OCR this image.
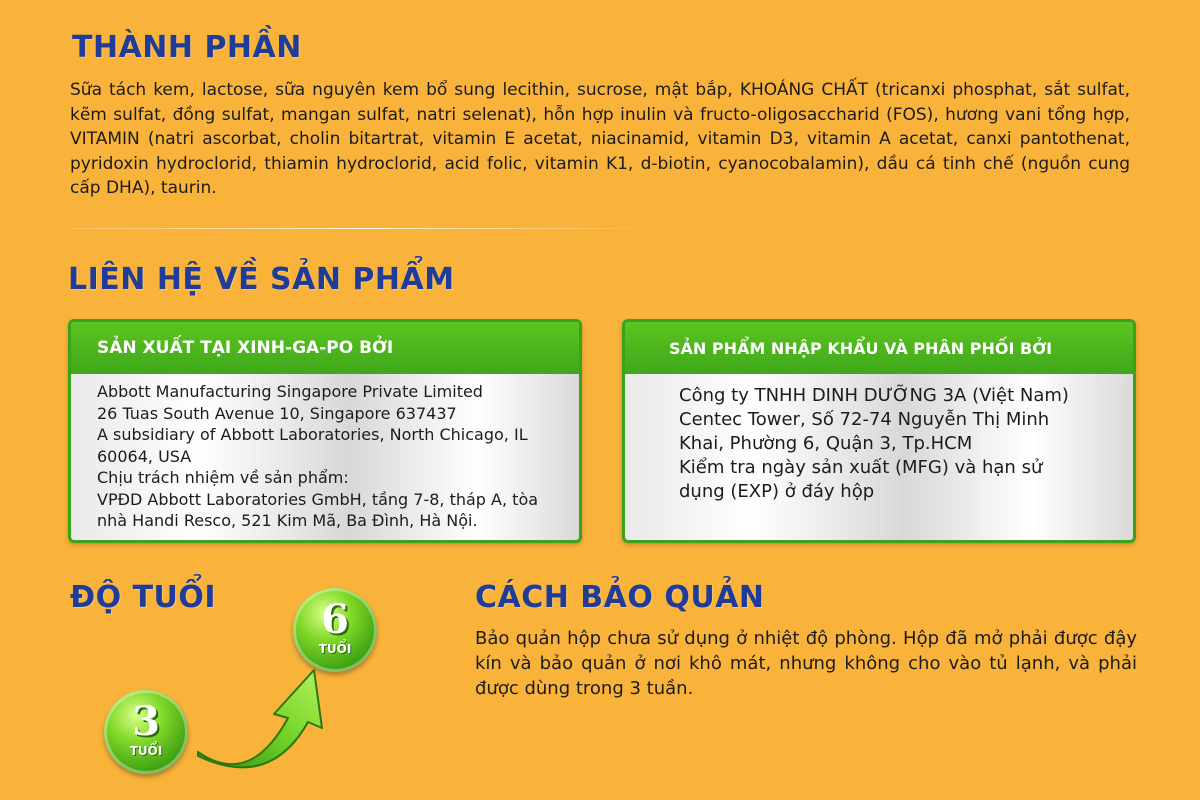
THÀNH PHẦN

Sữa tách kem, lactose, sữa nguyên kem bổ sung lecithin, sucrose, mật bắp, KHOÁNG CHẤT (tricanxi phosphat, sắt sulfat, kẽm sulfat, đồng sulfat, mangan sulfat, natri selenat), hỗn hợp inulin và fructo-oligosaccharid (FOS), hương vani tổng hợp, VITAMIN (natri ascorbat, cholin bitartrat, vitamin E acetat, niacinamid, vitamin D3, vitamin A acetat, canxi pantothenat, pyridoxin hydroclorid, thiamin hydroclorid, acid folic, vitamin K1, d-biotin, cyanocobalamin), dầu cá tinh chế (nguồn cung cấp DHA), taurin.

LIÊN HỆ VỀ SẢN PHẨM
SẢN XUẤT TẠI XINH-GA-PO BỞI
Abbott Manufacturing Singapore Private Limited
26 Tuas South Avenue 10, Singapore 637437
A subsidiary of Abbott Laboratories, North Chicago, IL 60064, USA
Chịu trách nhiệm về sản phẩm:
VPĐD Abbott Laboratories GmbH, tầng 7-8, tháp A, tòa nhà Handi Resco, 521 Kim Mã, Ba Đình, Hà Nội.
SẢN PHẨM NHẬP KHẨU VÀ PHÂN PHỐI BỞI
Công ty TNHH DINH DƯỠNG 3A (Việt Nam)
Centec Tower, Số 72-74 Nguyễn Thị Minh Khai, Phường 6, Quận 3, Tp.HCM
Kiểm tra ngày sản xuất (MFG) và hạn sử dụng (EXP) ở đáy hộp
ĐỘ TUỔI	6
TUỔI
3
TUỔI
CÁCH BẢO QUẢN

Bảo quản hộp chưa sử dụng ở nhiệt độ phòng. Hộp đã mở phải được đậy kín và bảo quản ở nơi khô mát, nhưng không cho vào tủ lạnh, và phải được dùng trong 3 tuần.
